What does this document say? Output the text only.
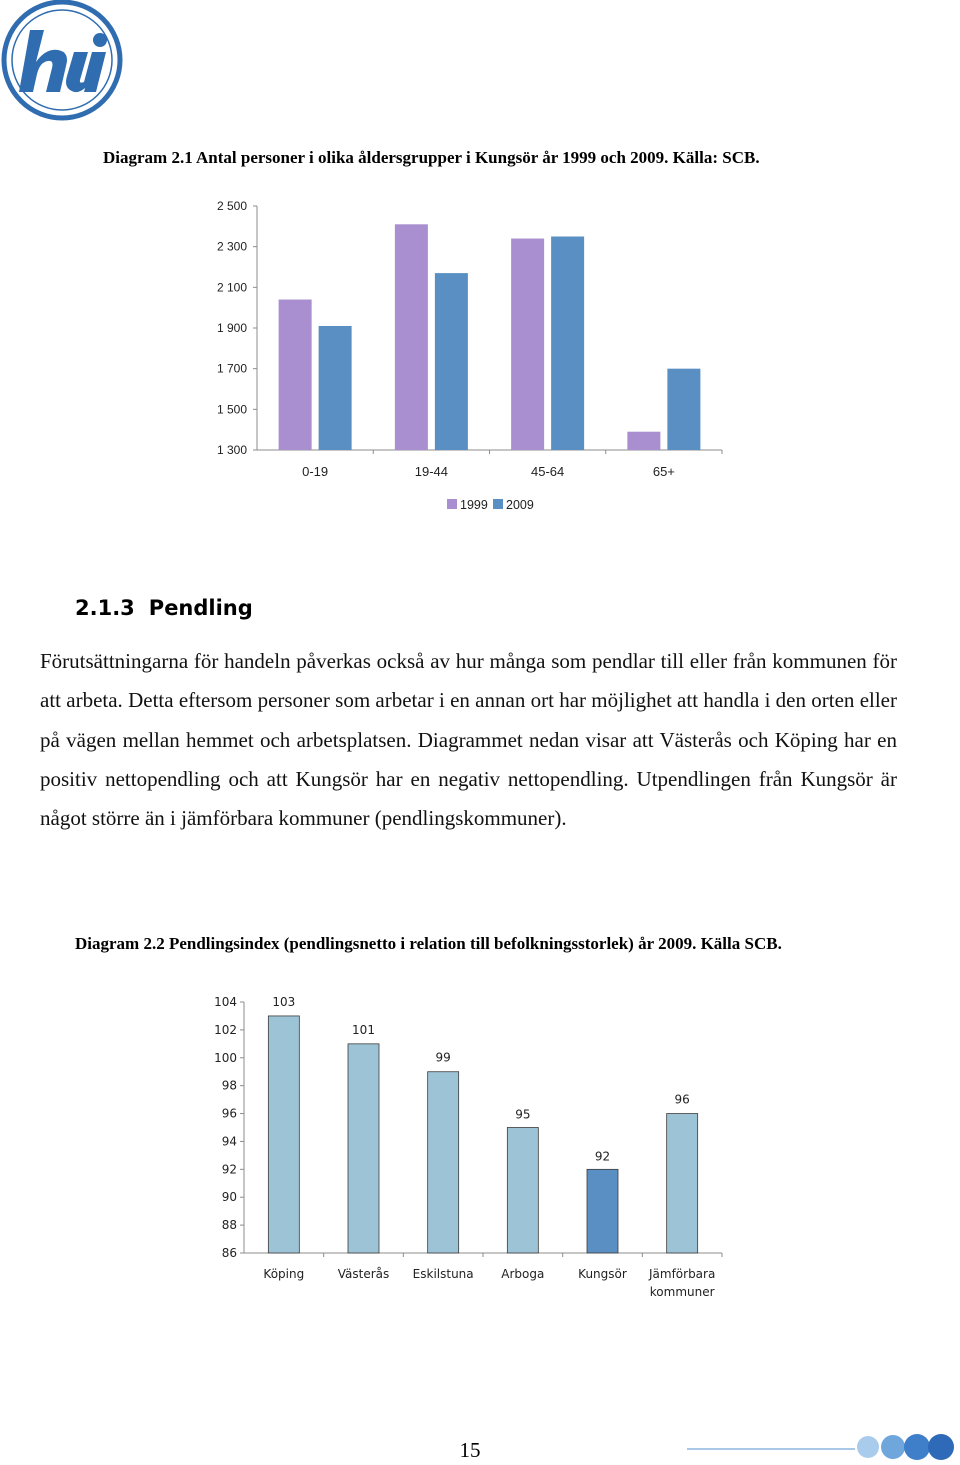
Diagram 2.1 Antal personer i olika åldersgrupper i Kungsör år 1999 och 2009. Källa: SCB.
2 500
2 300
2 100
1 900
1 700
1 500
1 300
0-19	19-44	45-64	65+
1999 2009
2.1.3 Pendling
Förutsättningarna för handeln påverkas också av hur många som pendlar till eller från kommunen för att arbeta. Detta eftersom personer som arbetar i en annan ort har möjlighet att handla i den orten eller på vägen mellan hemmet och arbetsplatsen. Diagrammet nedan visar att Västerås och Köping har en positiv nettopendling och att Kungsör har en negativ nettopendling. Utpendlingen från Kungsör är något större än i jämförbara kommuner (pendlingskommuner).
Diagram 2.2 Pendlingsindex (pendlingsnetto i relation till befolkningsstorlek) år 2009. Källa SCB.
104
102
100
98
96
94
92
90
88
86
103
101
99
95
92
96
Köping	Västerås Eskilstuna Arboga	Kungsör Jämförbara
kommuner
15
